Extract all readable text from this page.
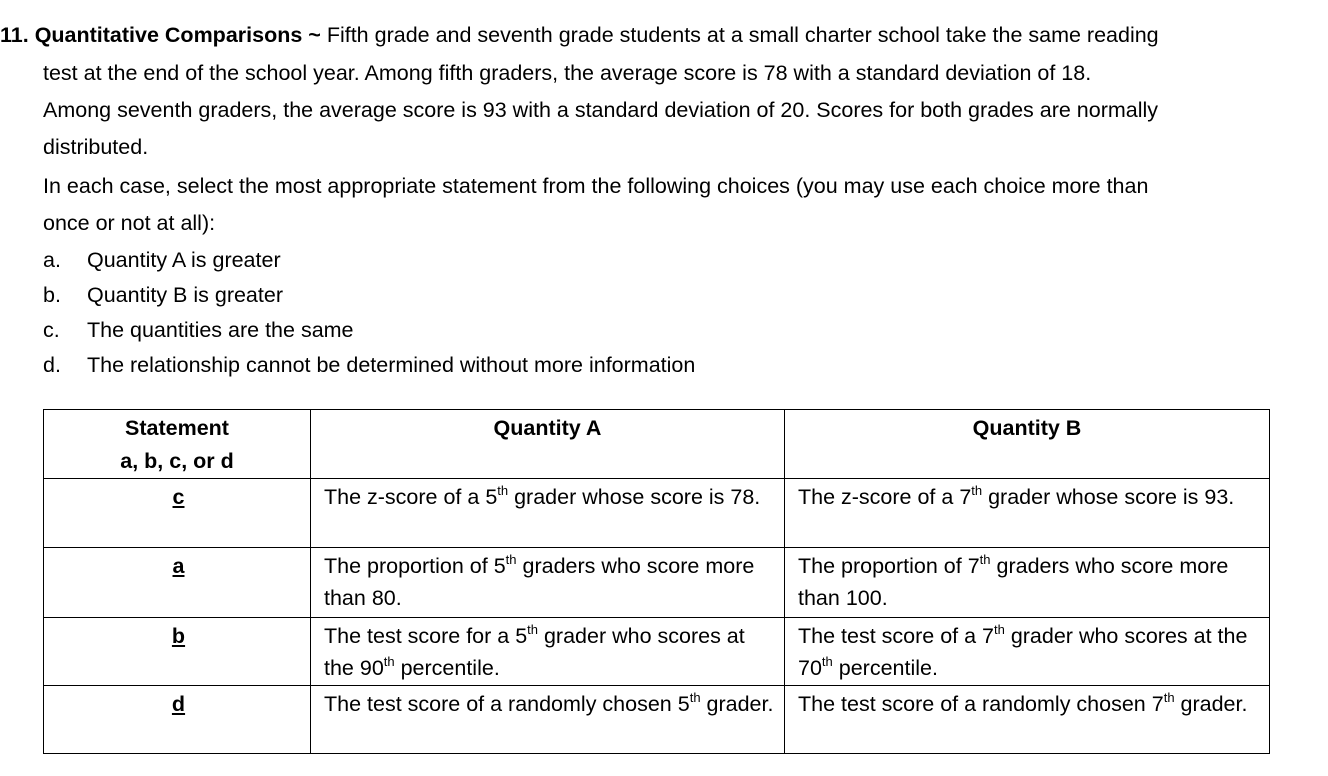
11. Quantitative Comparisons ~ Fifth grade and seventh grade students at a small charter school take the same reading
test at the end of the school year. Among fifth graders, the average score is 78 with a standard deviation of 18.
Among seventh graders, the average score is 93 with a standard deviation of 20. Scores for both grades are normally
distributed.
In each case, select the most appropriate statement from the following choices (you may use each choice more than
once or not at all):
a. Quantity A is greater
b. Quantity B is greater
c. The quantities are the same
d. The relationship cannot be determined without more information
Statement
a, b, c, or d	Quantity A	Quantity B
c	The z-score of a 5th grader whose score is 78.	The z-score of a 7th grader whose score is 93.
a	The proportion of 5th graders who score more than 80.	The proportion of 7th graders who score more than 100.
b	The test score for a 5th grader who scores at the 90th percentile.	The test score of a 7th grader who scores at the 70th percentile.
d	The test score of a randomly chosen 5th grader.	The test score of a randomly chosen 7th grader.
